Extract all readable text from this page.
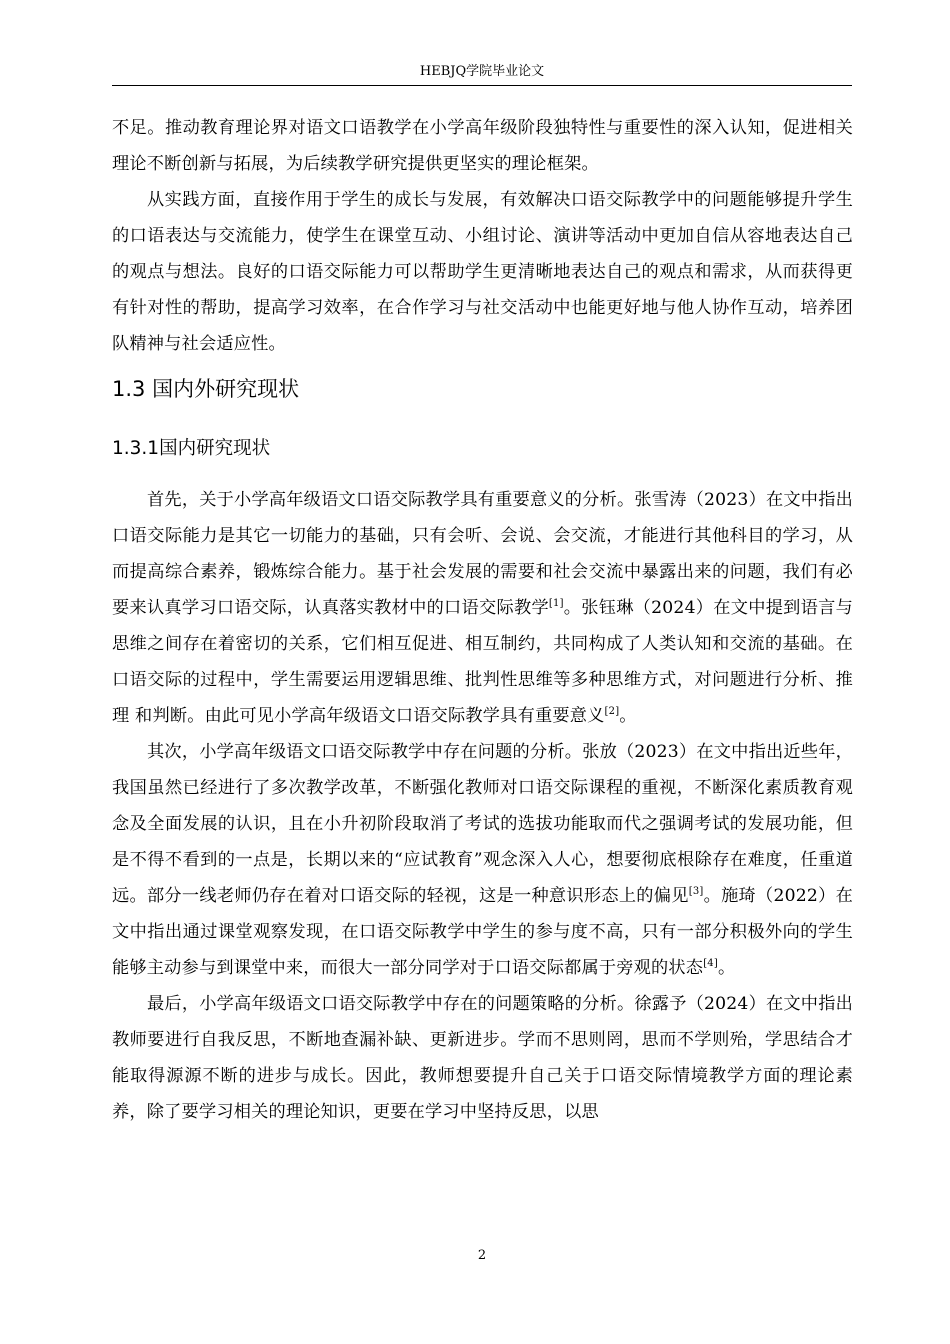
HEBJQ学院毕业论文

不足。推动教育理论界对语文口语教学在小学高年级阶段独特性与重要性的深入认知，促进相关理论不断创新与拓展，为后续教学研究提供更坚实的理论框架。

从实践方面，直接作用于学生的成长与发展，有效解决口语交际教学中的问题能够提升学生的口语表达与交流能力，使学生在课堂互动、小组讨论、演讲等活动中更加自信从容地表达自己的观点与想法。良好的口语交际能力可以帮助学生更清晰地表达自己的观点和需求，从而获得更有针对性的帮助，提高学习效率，在合作学习与社交活动中也能更好地与他人协作互动，培养团队精神与社会适应性。

1.3 国内外研究现状
1.3.1国内研究现状

首先，关于小学高年级语文口语交际教学具有重要意义的分析。张雪涛（2023）在文中指出口语交际能力是其它一切能力的基础，只有会听、会说、会交流，才能进行其他科目的学习，从而提高综合素养，锻炼综合能力。基于社会发展的需要和社会交流中暴露出来的问题，我们有必要来认真学习口语交际，认真落实教材中的口语交际教学[1]。张钰琳（2024）在文中提到语言与思维之间存在着密切的关系，它们相互促进、相互制约，共同构成了人类认知和交流的基础。在口语交际的过程中，学生需要运用逻辑思维、批判性思维等多种思维方式，对问题进行分析、推理 和判断。由此可见小学高年级语文口语交际教学具有重要意义[2]。

其次，小学高年级语文口语交际教学中存在问题的分析。张放（2023）在文中指出近些年，我国虽然已经进行了多次教学改革，不断强化教师对口语交际课程的重视，不断深化素质教育观念及全面发展的认识，且在小升初阶段取消了考试的选拔功能取而代之强调考试的发展功能，但是不得不看到的一点是，长期以来的“应试教育”观念深入人心，想要彻底根除存在难度，任重道远。部分一线老师仍存在着对口语交际的轻视，这是一种意识形态上的偏见[3]。施琦（2022）在文中指出通过课堂观察发现，在口语交际教学中学生的参与度不高，只有一部分积极外向的学生能够主动参与到课堂中来，而很大一部分同学对于口语交际都属于旁观的状态[4]。

最后，小学高年级语文口语交际教学中存在的问题策略的分析。徐露予（2024）在文中指出教师要进行自我反思，不断地查漏补缺、更新进步。学而不思则罔，思而不学则殆，学思结合才能取得源源不断的进步与成长。因此，教师想要提升自己关于口语交际情境教学方面的理论素养，除了要学习相关的理论知识，更要在学习中坚持反思，以思

2
